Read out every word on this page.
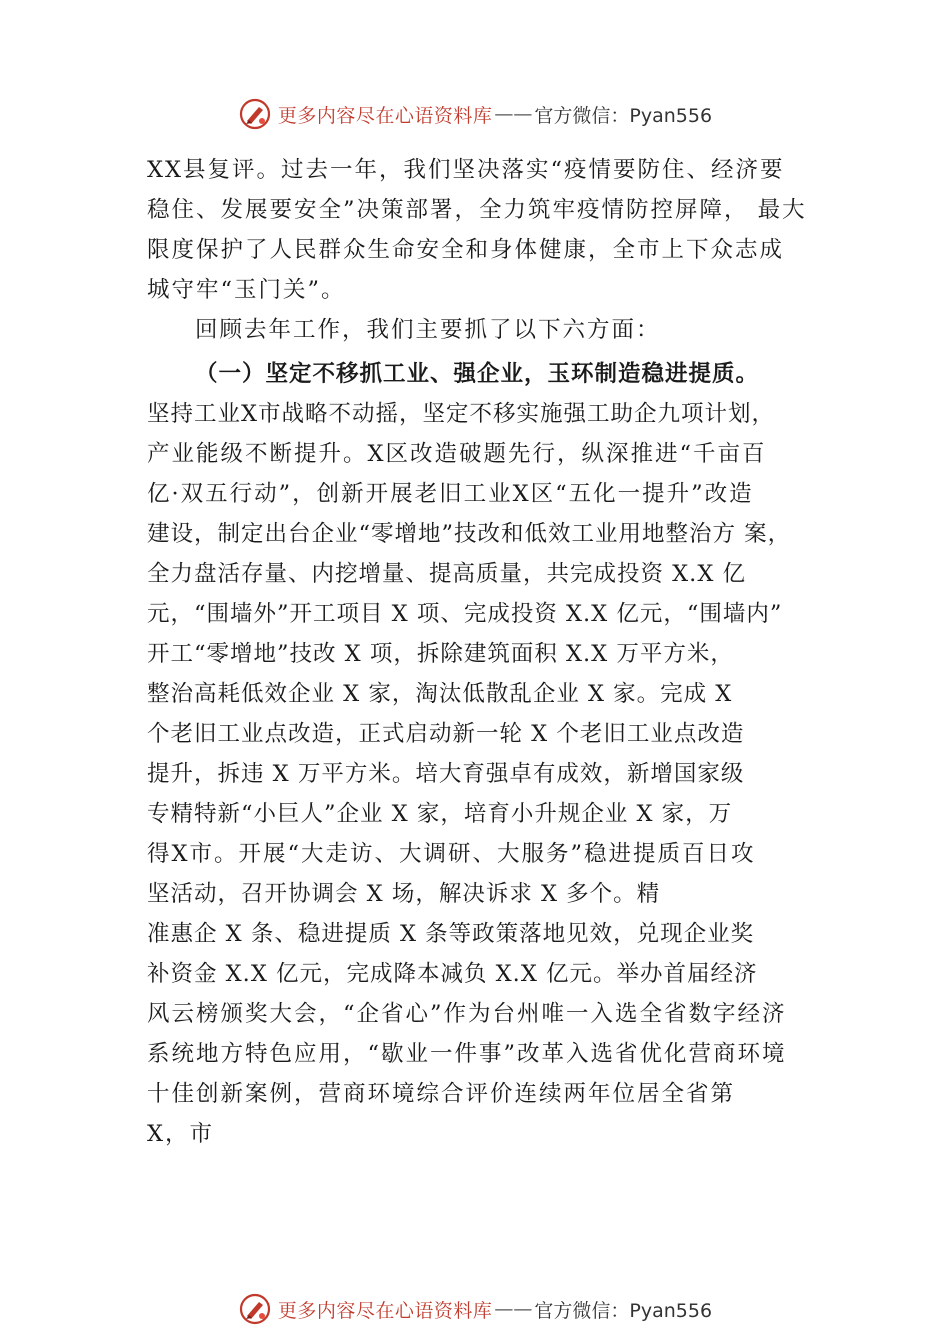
更多内容尽在心语资料库 —— 官方微信：Pyan556
XX县复评。过去一年，我们坚决落实“疫情要防住、经济要
稳住、发展要安全”决策部署，全力筑牢疫情防控屏障， 最大
限度保护了人民群众生命安全和身体健康，全市上下众志成
城守牢“玉门关”。
回顾去年工作，我们主要抓了以下六方面：
（一）坚定不移抓工业、强企业，玉环制造稳进提质。
坚持工业X市战略不动摇，坚定不移实施强工助企九项计划，
产业能级不断提升。X区改造破题先行，纵深推进“千亩百
亿·双五行动”，创新开展老旧工业X区“五化一提升”改造
建设，制定出台企业“零增地”技改和低效工业用地整治方 案，
全力盘活存量、内挖增量、提高质量，共完成投资 X.X 亿
元，“围墙外”开工项目 X 项、完成投资 X.X 亿元，“围墙内”
开工“零增地”技改 X 项，拆除建筑面积 X.X 万平方米，
整治高耗低效企业 X 家，淘汰低散乱企业 X 家。完成 X
个老旧工业点改造，正式启动新一轮 X 个老旧工业点改造
提升，拆违 X 万平方米。培大育强卓有成效，新增国家级
专精特新“小巨人”企业 X 家，培育小升规企业 X 家，万
得X市。开展“大走访、大调研、大服务”稳进提质百日攻
坚活动，召开协调会 X 场，解决诉求 X 多个。精
准惠企 X 条、稳进提质 X 条等政策落地见效，兑现企业奖
补资金 X.X 亿元，完成降本减负 X.X 亿元。举办首届经济
风云榜颁奖大会，“企省心”作为台州唯一入选全省数字经济
系统地方特色应用，“歇业一件事”改革入选省优化营商环境
十佳创新案例，营商环境综合评价连续两年位居全省第
X，市
更多内容尽在心语资料库 —— 官方微信：Pyan556
